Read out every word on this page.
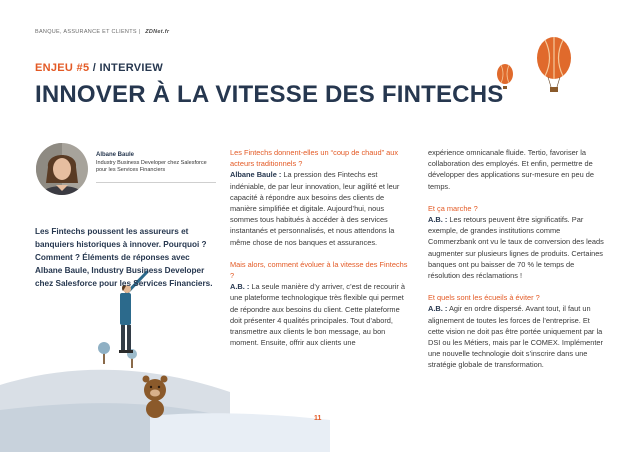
BANQUE, ASSURANCE ET CLIENTS | ZDNet.fr
ENJEU #5 / INTERVIEW
INNOVER À LA VITESSE DES FINTECHS
Albane Baule
Industry Business Developer chez Salesforce pour les Services Financiers

Les Fintechs poussent les assureurs et banquiers historiques à innover. Pourquoi ? Comment ? Éléments de réponses avec Albane Baule, Industry Business Developer chez Salesforce pour les Services Financiers.

Les Fintechs donnent-elles un “coup de chaud” aux acteurs traditionnels ?
Albane Baule : La pression des Fintechs est indéniable, de par leur innovation, leur agilité et leur capacité à répondre aux besoins des clients de manière simplifiée et digitale. Aujourd’hui, nous sommes tous habitués à accéder à des services instantanés et personnalisés, et nous attendons la même chose de nos banques et assurances.

Mais alors, comment évoluer à la vitesse des Fintechs ?
A.B. : La seule manière d’y arriver, c’est de recourir à une plateforme technologique très flexible qui permet de répondre aux besoins du client. Cette plateforme doit présenter 4 qualités principales. Tout d’abord, transmettre aux clients le bon message, au bon moment. Ensuite, offrir aux clients une

expérience omnicanale fluide. Tertio, favoriser la collaboration des employés. Et enfin, permettre de développer des applications sur-mesure en peu de temps.

Et ça marche ?
A.B. : Les retours peuvent être significatifs. Par exemple, de grandes institutions comme Commerzbank ont vu le taux de conversion des leads augmenter sur plusieurs lignes de produits. Certaines banques ont pu baisser de 70 % le temps de résolution des réclamations !

Et quels sont les écueils à éviter ?
A.B. : Agir en ordre dispersé. Avant tout, il faut un alignement de toutes les forces de l’entreprise. Et cette vision ne doit pas être portée uniquement par la DSI ou les Métiers, mais par le COMEX. Implémenter une nouvelle technologie doit s’inscrire dans une stratégie globale de transformation.

11
